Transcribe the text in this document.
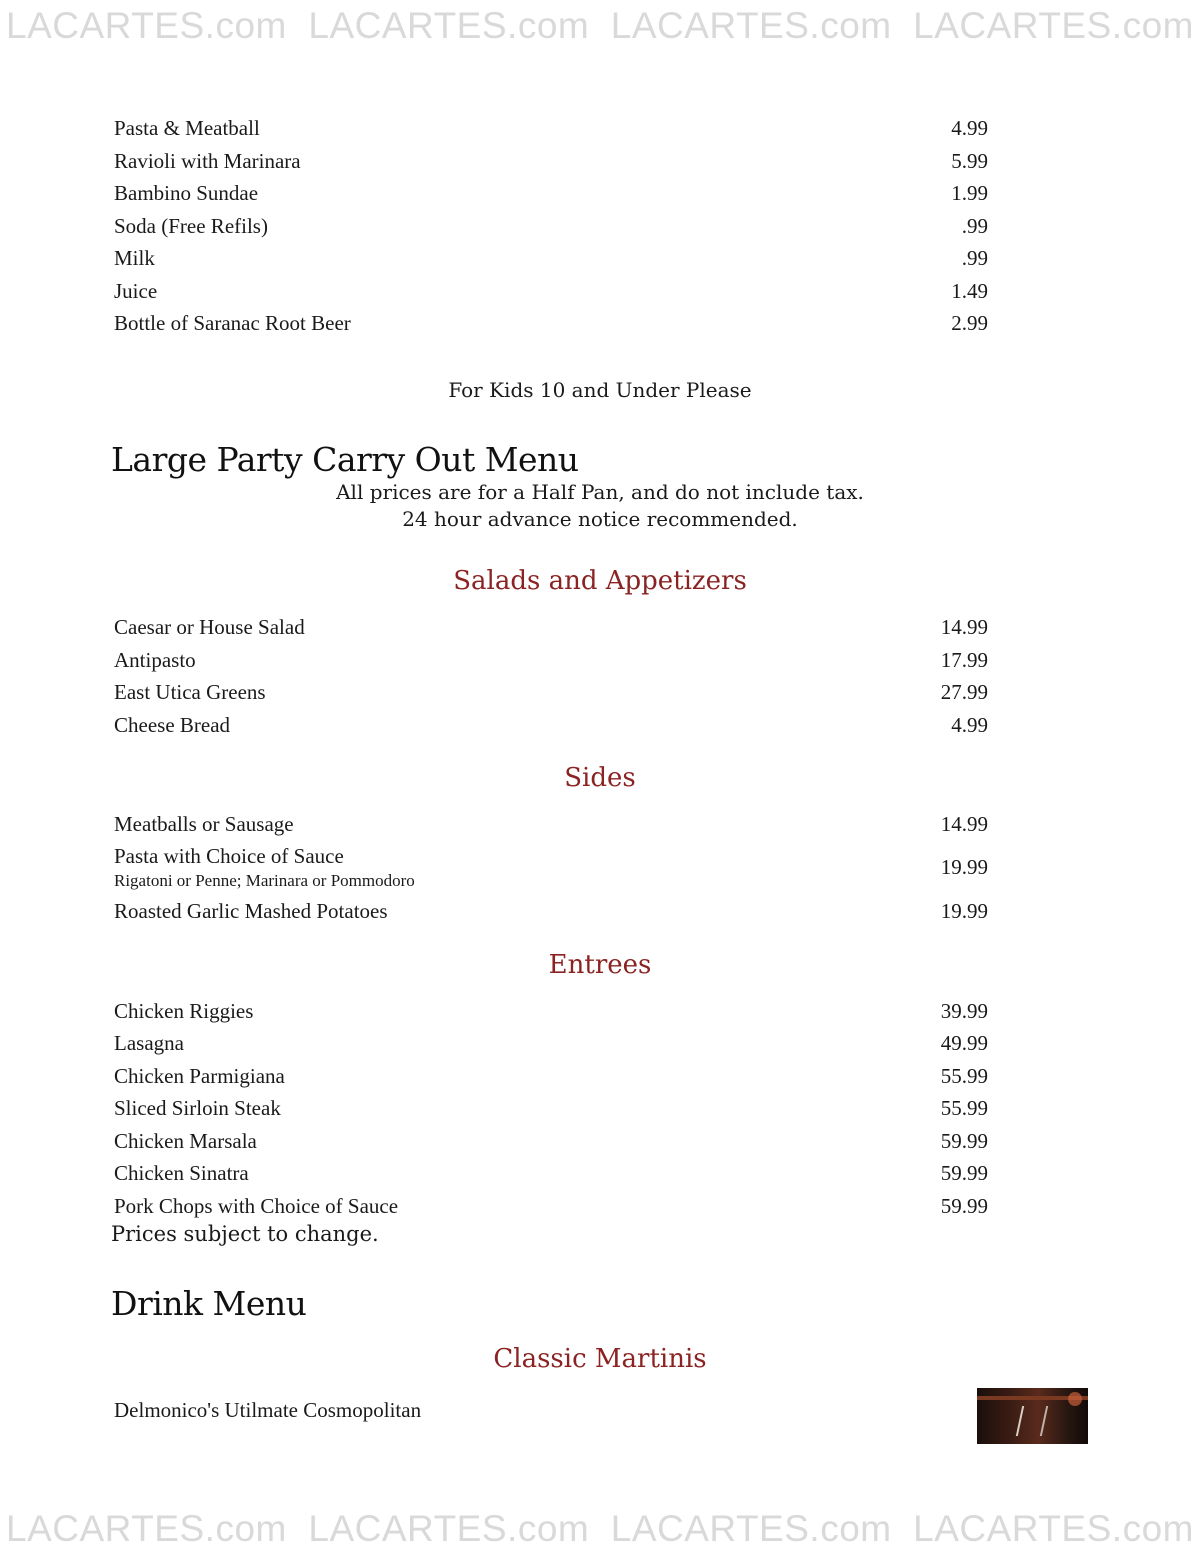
LACARTES.com LACARTES.com LACARTES.com LACARTES.com
LACARTES.com LACARTES.com LACARTES.com LACARTES.com
Pasta & Meatball	4.99
Ravioli with Marinara	5.99
Bambino Sundae	1.99
Soda (Free Refils)	.99
Milk	.99
Juice	1.49
Bottle of Saranac Root Beer	2.99
For Kids 10 and Under Please
Large Party Carry Out Menu
All prices are for a Half Pan, and do not include tax.
24 hour advance notice recommended.
Salads and Appetizers
Caesar or House Salad	14.99
Antipasto	17.99
East Utica Greens	27.99
Cheese Bread	4.99
Sides
Meatballs or Sausage	14.99
Pasta with Choice of Sauce
Rigatoni or Penne; Marinara or Pommodoro
19.99
Roasted Garlic Mashed Potatoes	19.99
Entrees
Chicken Riggies	39.99
Lasagna	49.99
Chicken Parmigiana	55.99
Sliced Sirloin Steak	55.99
Chicken Marsala	59.99
Chicken Sinatra	59.99
Pork Chops with Choice of Sauce	59.99
Prices subject to change.
Drink Menu
Classic Martinis
Delmonico's Utilmate Cosmopolitan
